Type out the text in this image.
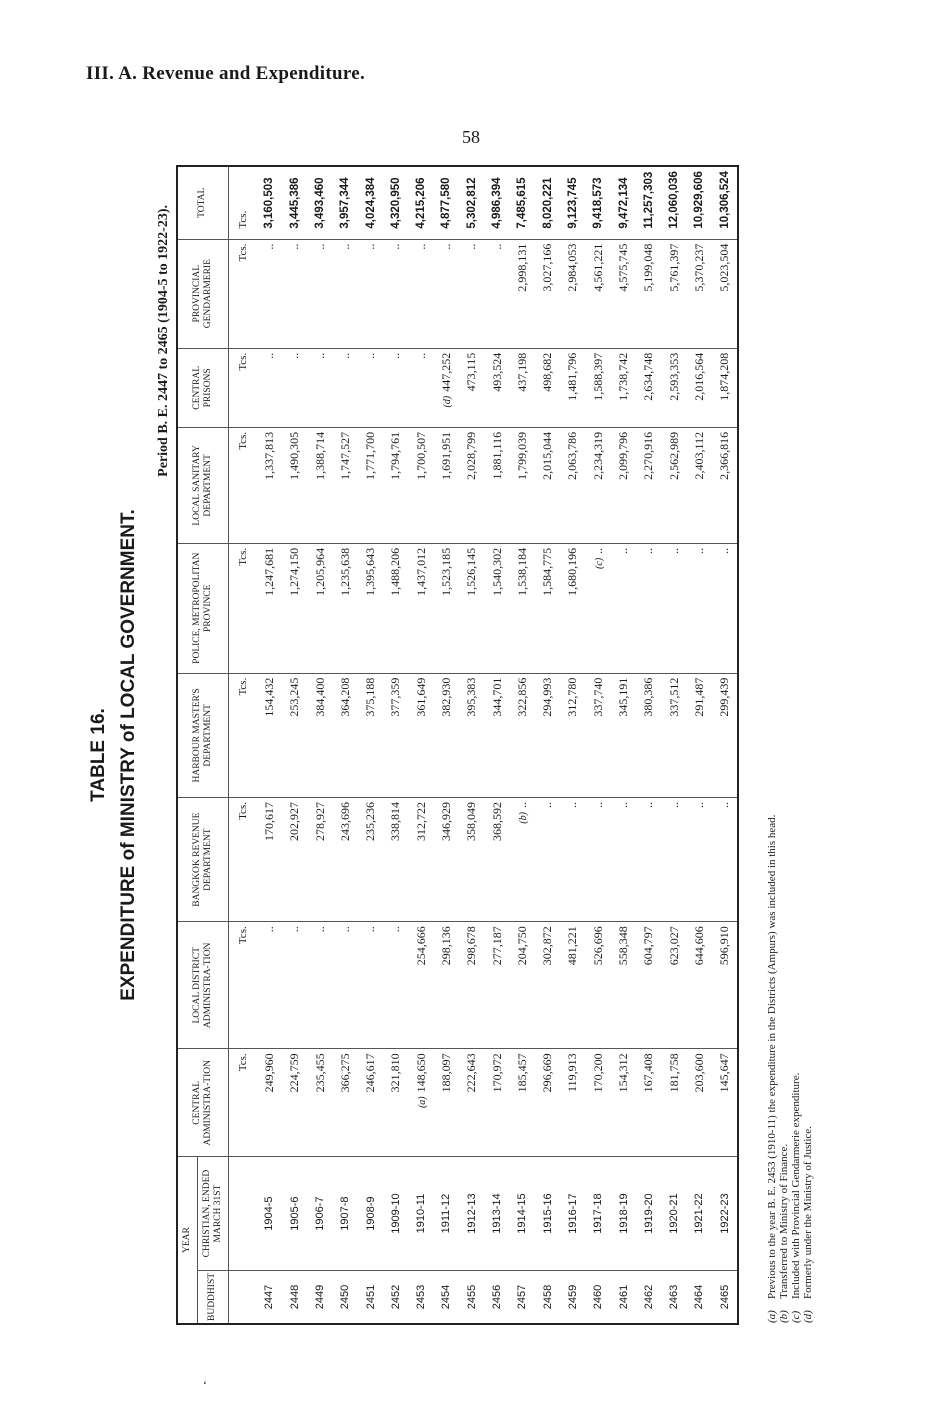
III. A. Revenue and Expenditure.
58
TABLE 16. EXPENDITURE of MINISTRY of LOCAL GOVERNMENT.
Period B. E. 2447 to 2465 (1904-5 to 1922-23).
YEAR		CENTRAL ADMINISTRA-TION	LOCAL DISTRICT ADMINISTRA-TION	BANGKOK REVENUE DEPARTMENT	HARBOUR MASTER'S DEPARTMENT	POLICE, METROPOLITAN PROVINCE	LOCAL SANITARY DEPARTMENT	CENTRAL PRISONS	PROVINCIAL GENDARMERIE	TOTAL
BUDDHIST	CHRISTIAN, ENDED MARCH 31ST									
		Tcs.	Tcs.	Tcs.	Tcs.	Tcs.	Tcs.	Tcs.	Tcs.	Tcs.
2447	1904-5	249,960	..	170,617	154,432	1,247,681	1,337,813	..	..	3,160,503
2448	1905-6	224,759	..	202,927	253,245	1,274,150	1,490,305	..	..	3,445,386
2449	1906-7	235,455	..	278,927	384,400	1,205,964	1,388,714	..	..	3,493,460
2450	1907-8	366,275	..	243,696	364,208	1,235,638	1,747,527	..	..	3,957,344
2451	1908-9	246,617	..	235,236	375,188	1,395,643	1,771,700	..	..	4,024,384
2452	1909-10	321,810	..	338,814	377,359	1,488,206	1,794,761	..	..	4,320,950
2453	1910-11	(a)148,650	254,666	312,722	361,649	1,437,012	1,700,507	..	..	4,215,206
2454	1911-12	188,097	298,136	346,929	382,930	1,523,185	1,691,951	(d)447,252	..	4,877,580
2455	1912-13	222,643	298,678	358,049	395,383	1,526,145	2,028,799	473,115	..	5,302,812
2456	1913-14	170,972	277,187	368,592	344,701	1,540,302	1,881,116	493,524	..	4,986,394
2457	1914-15	185,457	204,750	(b)..	322,856	1,538,184	1,799,039	437,198	2,998,131	7,485,615
2458	1915-16	296,669	302,872	..	294,993	1,584,775	2,015,044	498,682	3,027,166	8,020,221
2459	1916-17	119,913	481,221	..	312,780	1,680,196	2,063,786	1,481,796	2,984,053	9,123,745
2460	1917-18	170,200	526,696	..	337,740	(c)..	2,234,319	1,588,397	4,561,221	9,418,573
2461	1918-19	154,312	558,348	..	345,191	..	2,099,796	1,738,742	4,575,745	9,472,134
2462	1919-20	167,408	604,797	..	380,386	..	2,270,916	2,634,748	5,199,048	11,257,303
2463	1920-21	181,758	623,027	..	337,512	..	2,562,989	2,593,353	5,761,397	12,060,036
2464	1921-22	203,600	644,606	..	291,487	..	2,403,112	2,016,564	5,370,237	10,929,606
2465	1922-23	145,647	596,910	..	299,439	..	2,366,816	1,874,208	5,023,504	10,306,524
(a)
Previous to the year B. E. 2453 (1910-11) the expenditure in the Districts (Ampurs) was included in this head.
(b)
Transferred to Ministry of Finance.
(c)
Included with Provincial Gendarmerie expenditure.
(d)
Formerly under the Ministry of Justice.
‘
